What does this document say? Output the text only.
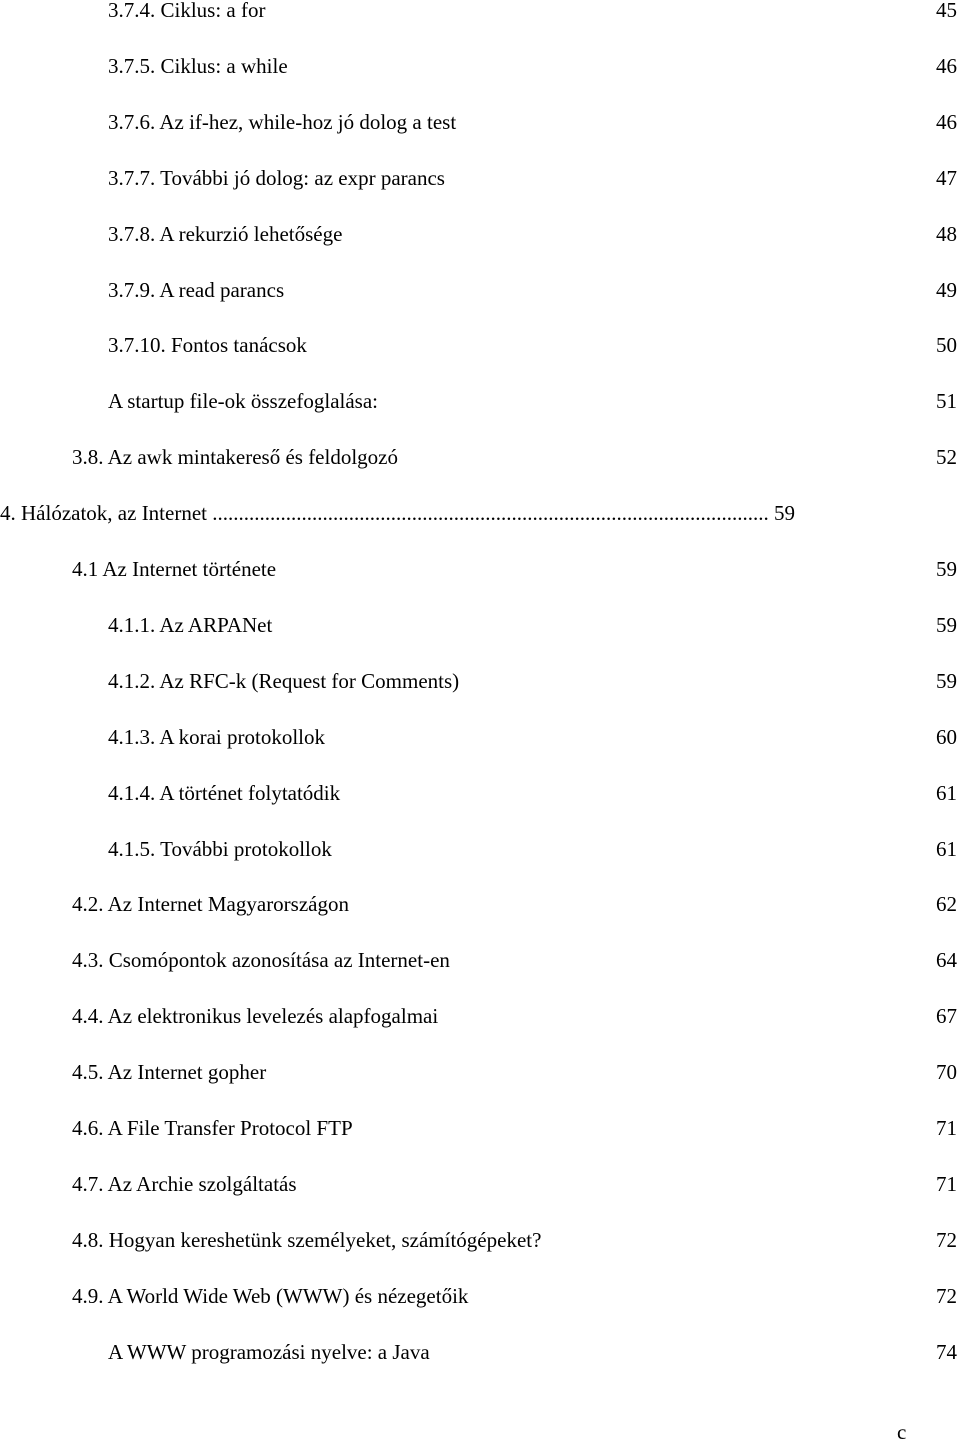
3.7.4. Ciklus: a for	45
3.7.5. Ciklus: a while	46
3.7.6. Az if-hez, while-hoz jó dolog a test	46
3.7.7. További jó dolog: az expr parancs	47
3.7.8. A rekurzió lehetősége	48
3.7.9. A read parancs	49
3.7.10. Fontos tanácsok	50
A startup file-ok összefoglalása:	51
3.8. Az awk mintakereső és feldolgozó	52
4. Hálózatok, az Internet .......................................................................................................... 59
4.1 Az Internet története	59
4.1.1. Az ARPANet	59
4.1.2. Az RFC-k (Request for Comments)	59
4.1.3. A korai protokollok	60
4.1.4. A történet folytatódik	61
4.1.5. További protokollok	61
4.2. Az Internet Magyarországon	62
4.3. Csomópontok azonosítása az Internet-en	64
4.4. Az elektronikus levelezés alapfogalmai	67
4.5. Az Internet gopher	70
4.6. A File Transfer Protocol FTP	71
4.7. Az Archie szolgáltatás	71
4.8. Hogyan kereshetünk személyeket, számítógépeket?	72
4.9. A World Wide Web (WWW) és nézegetőik	72
A WWW programozási nyelve: a Java	74
c
